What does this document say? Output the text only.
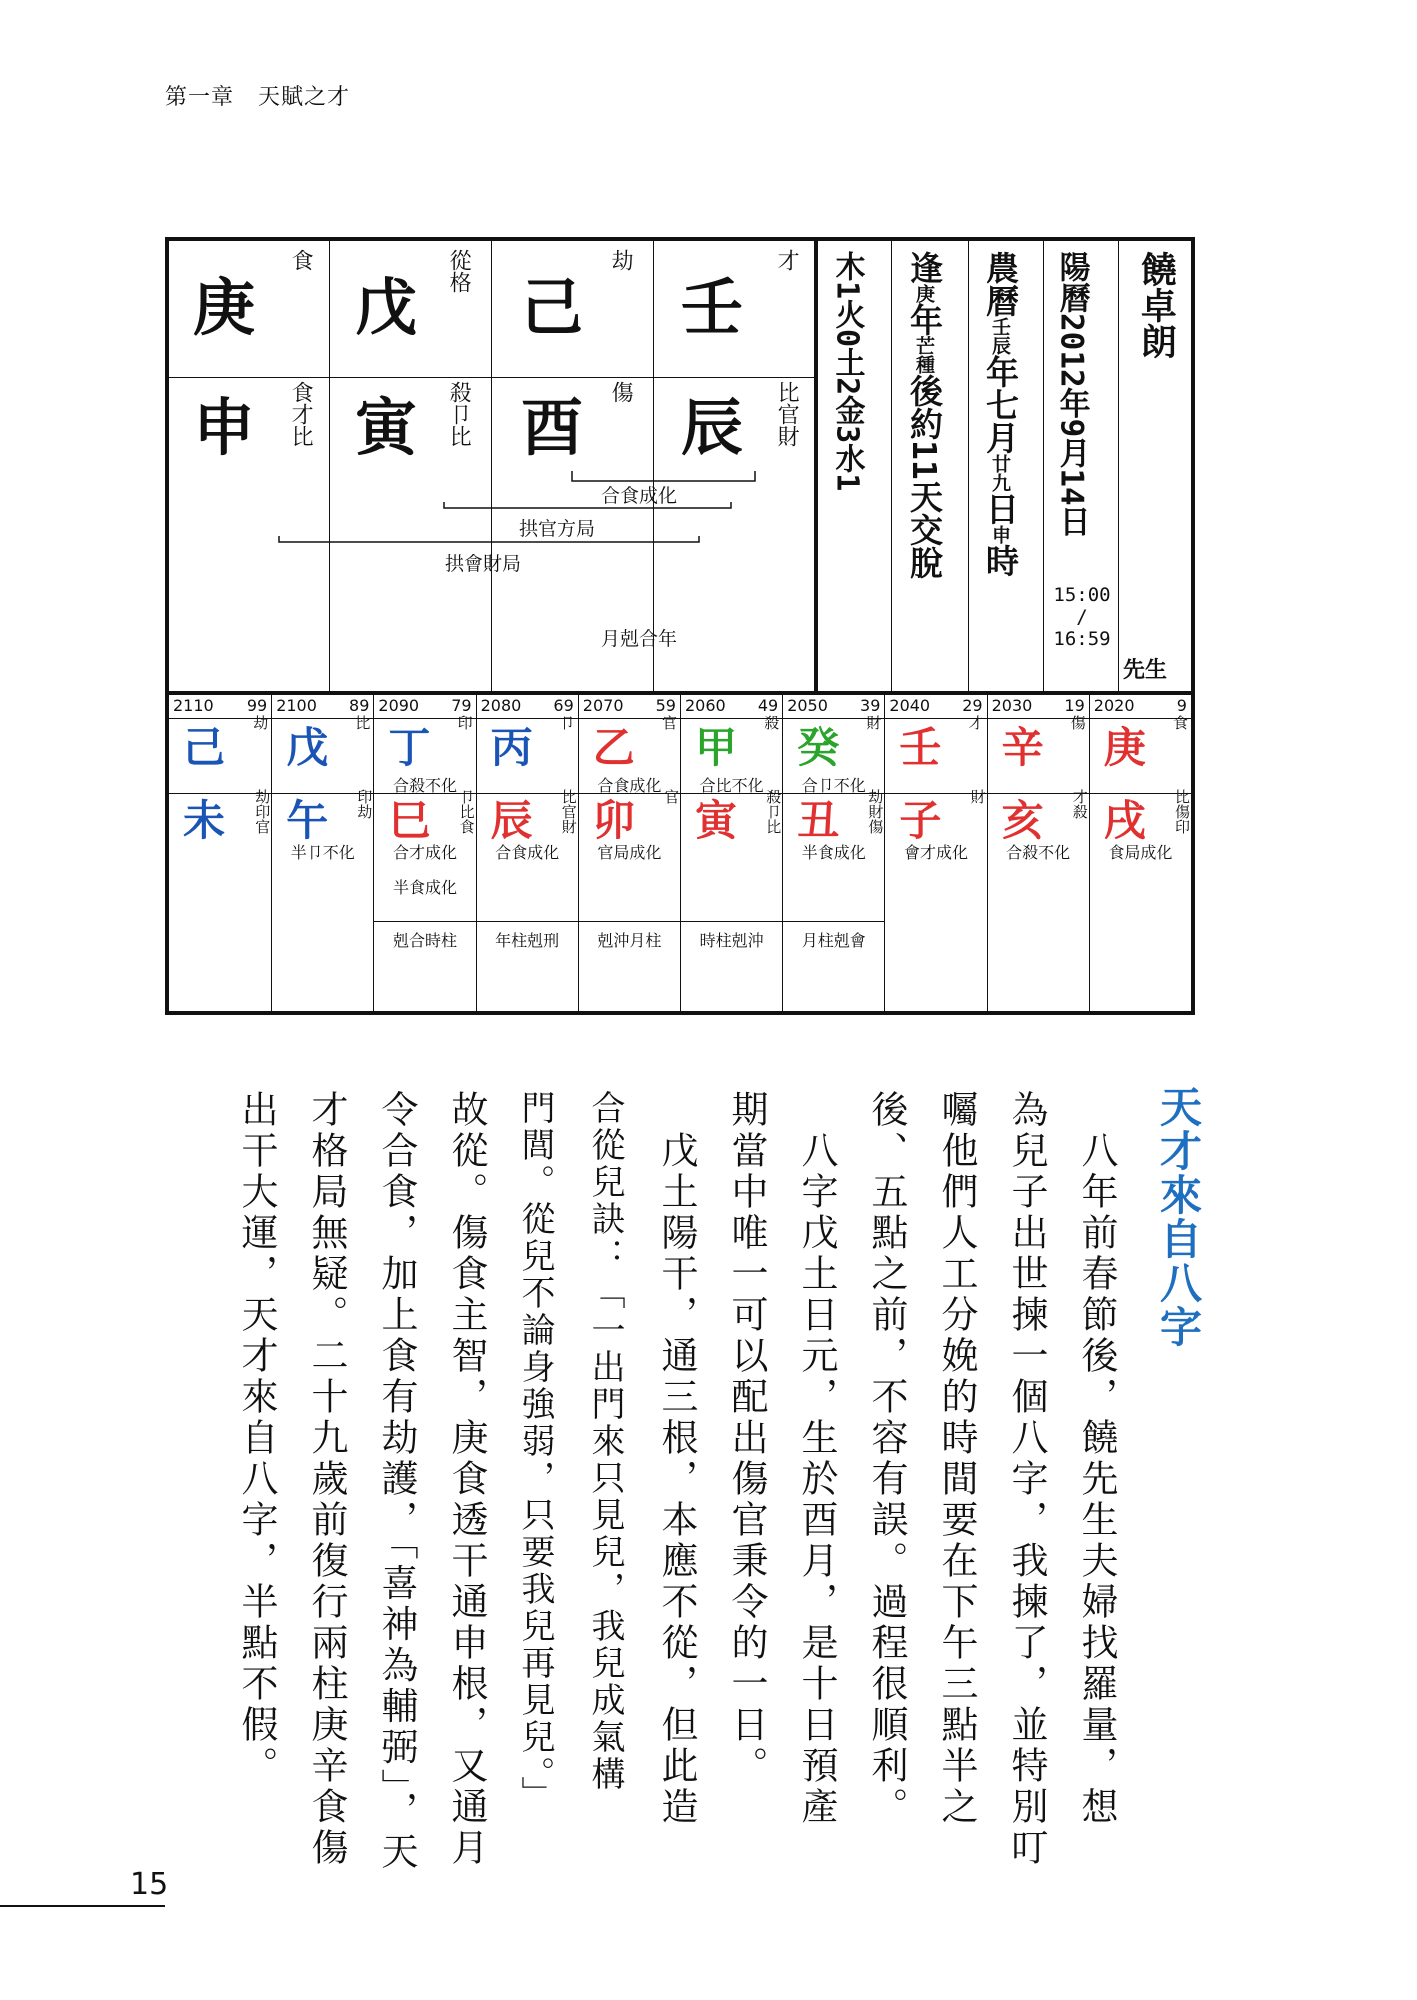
第一章 天賦之才
庚
食
戊 從格 己
劫
壬
才
申 食才比 寅 殺卩比 酉 傷 辰 比官財
合食成化
拱官方局
拱會財局
月剋合年
木1火0土2金3水1 逢庚年芒種後約11天交脫
農曆壬辰年七月廿九日申時
陽曆2012年9月14日
15:00
/
16:59
饒卓朗
先生
2110 99
己
劫
未 劫印官
2100 89
戊
比
午 印劫
半卩不化
2090 79
丁
印
合殺不化
巳 卩比食
合才成化
半食成化
剋合時柱
2080 69
丙
卩
辰 比官財
合食成化
年柱剋刑
2070 59
乙
官
合食成化
卯 官
官局成化
剋沖月柱
2060 49
甲
殺
合比不化
寅 殺卩比
時柱剋沖
2050 39
癸
財
合卩不化
丑 劫財傷
半食成化
月柱剋會
2040 29
壬
才
子 財
會才成化
2030 19
辛
傷
亥 才殺
合殺不化
2020	9
庚
食
戌 比傷印
食局成化
天才來自八字
　八年前春節後，饒先生夫婦找羅量，想
為兒子出世揀一個八字，我揀了，並特別叮
囑他們人工分娩的時間要在下午三點半之
後、五點之前，不容有誤。過程很順利。
　八字戊土日元，生於酉月，是十日預產
期當中唯一可以配出傷官秉令的一日。
　戊土陽干，通三根，本應不從，但此造
合從兒訣：「一出門來只見兒，我兒成氣構
門閭。從兒不論身強弱，只要我兒再見兒。」
故從。傷食主智，庚食透干通申根，又通月
令合食，加上食有劫護，「喜神為輔弼」，天
才格局無疑。二十九歲前復行兩柱庚辛食傷
出干大運，天才來自八字，半點不假。
15
